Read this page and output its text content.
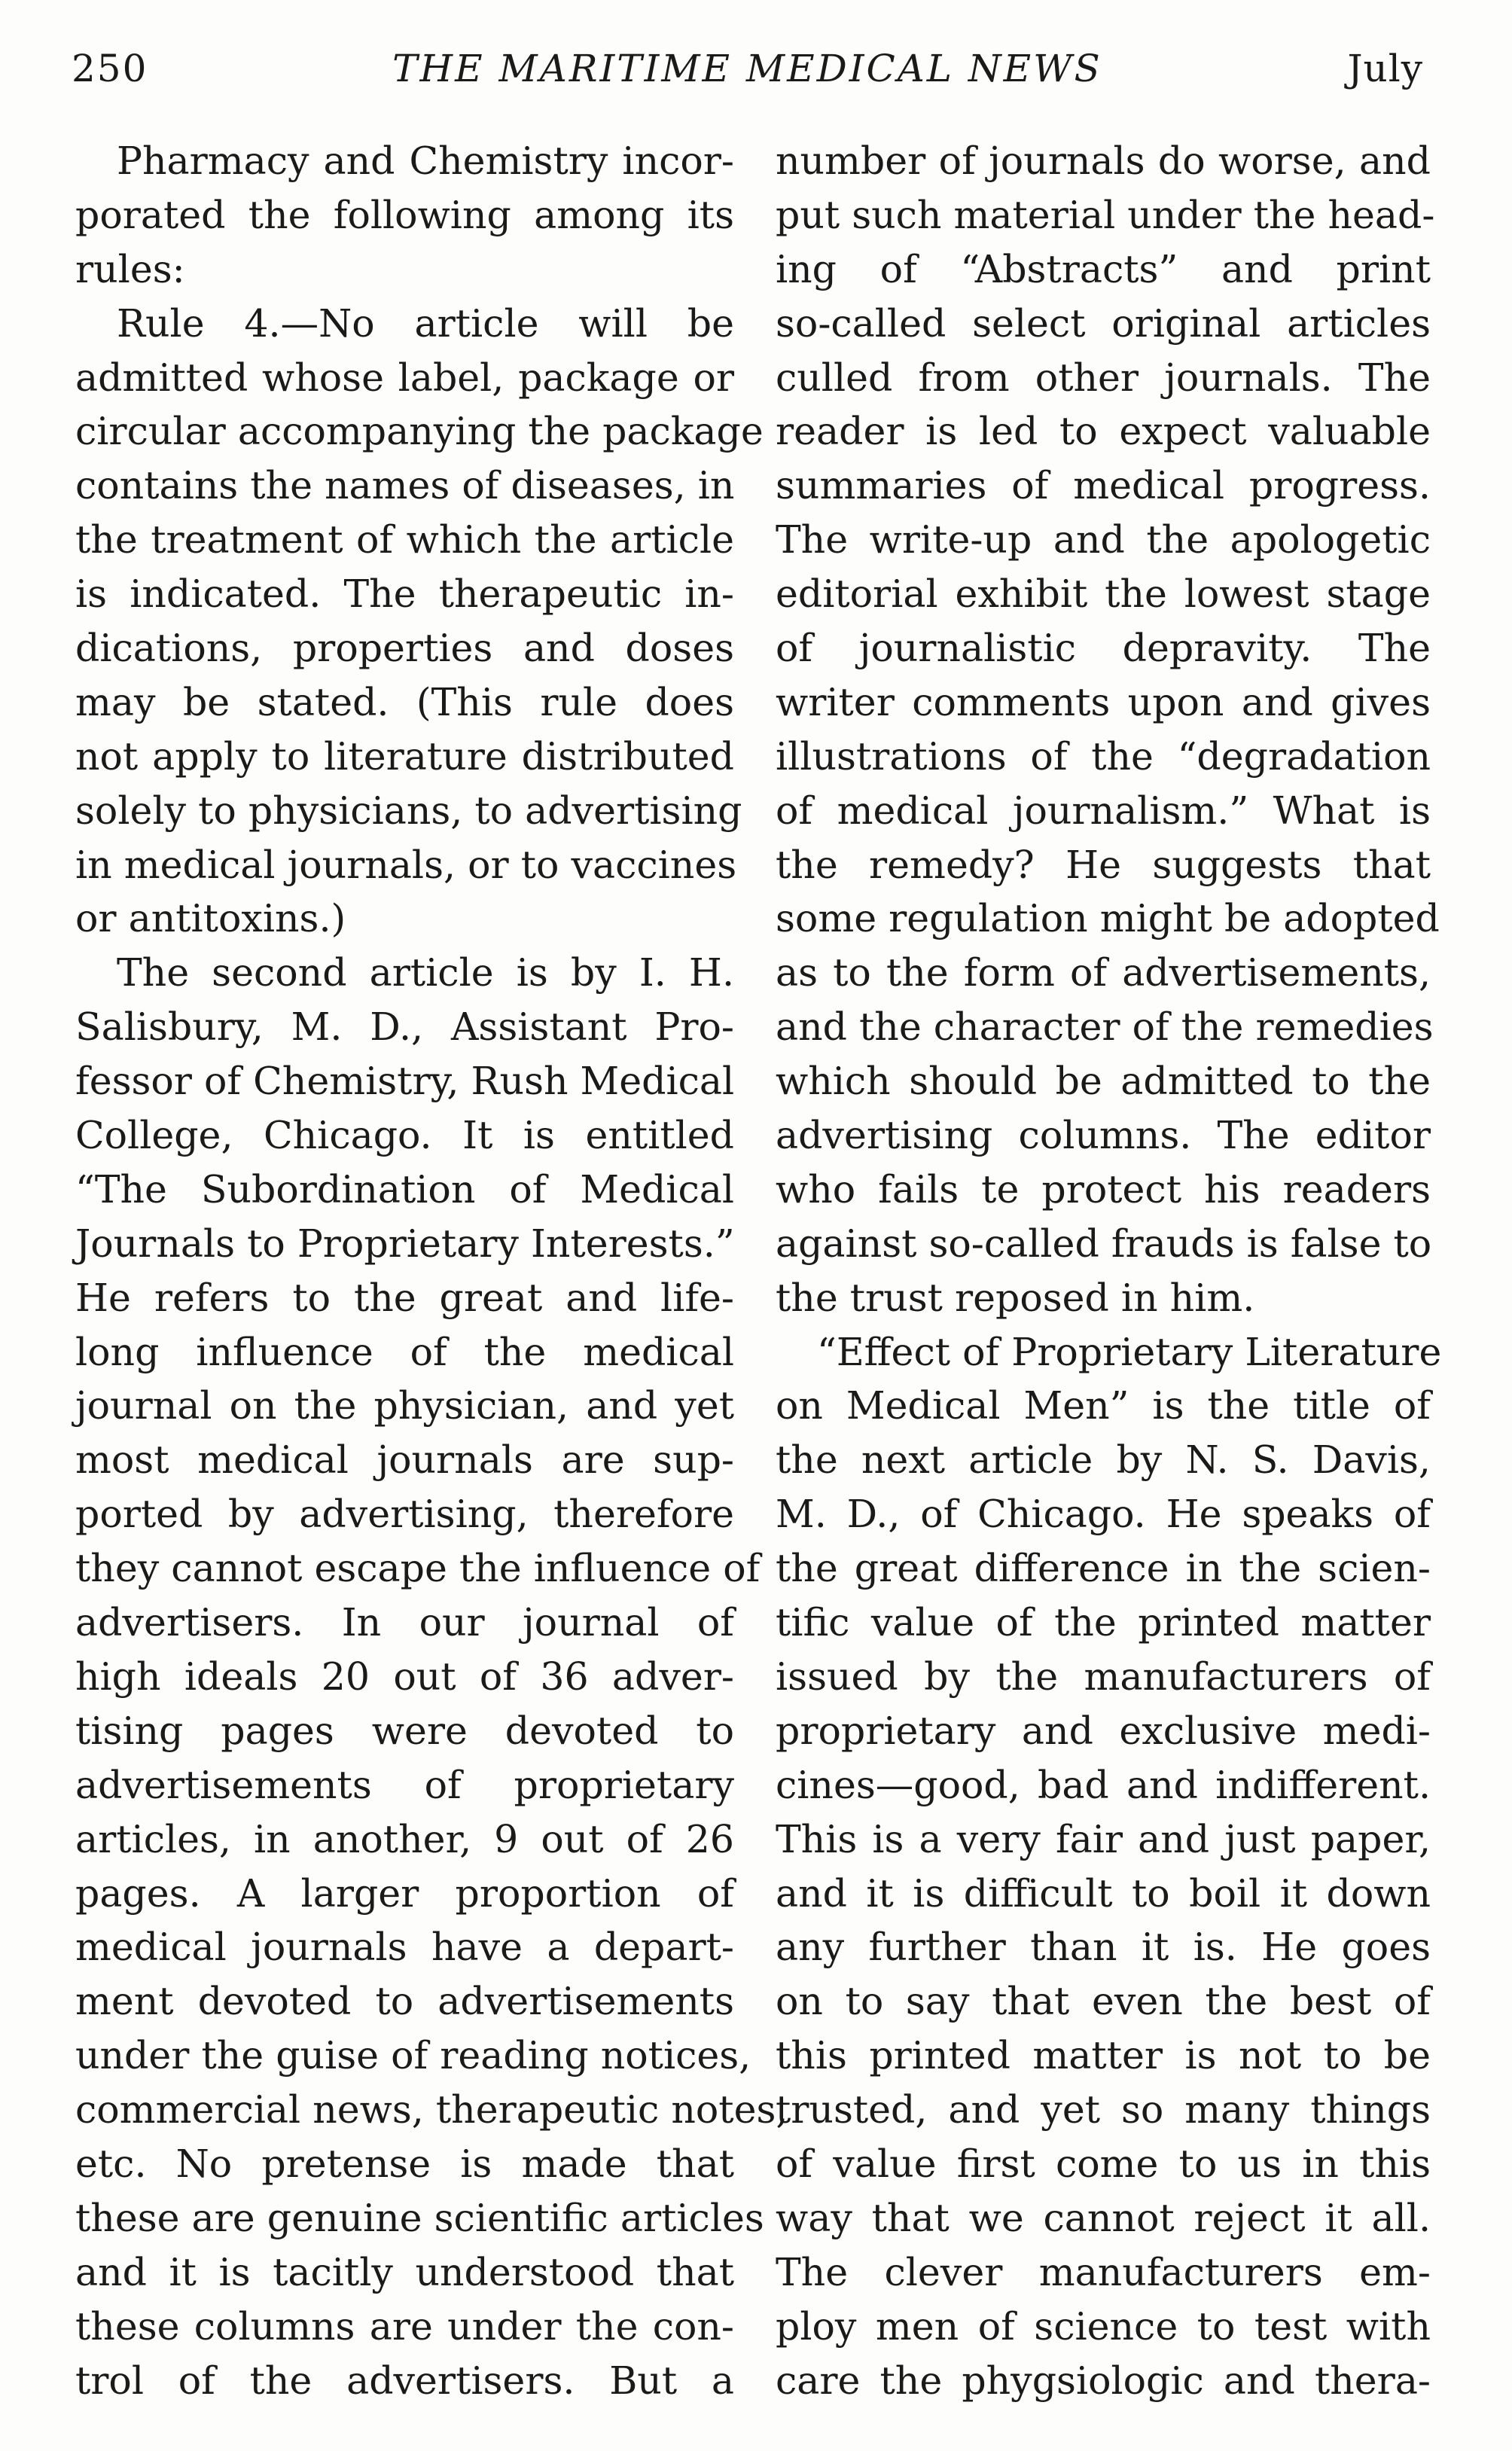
250	THE MARITIME MEDICAL NEWS	July

Pharmacy and Chemistry incor-
porated the following among its
rules:

Rule 4.—No article will be
admitted whose label, package or
circular accompanying the package
contains the names of diseases, in
the treatment of which the article
is indicated. The therapeutic in-
dications, properties and doses
may be stated. (This rule does
not apply to literature distributed
solely to physicians, to advertising
in medical journals, or to vaccines
or antitoxins.)

The second article is by I. H.
Salisbury, M. D., Assistant Pro-
fessor of Chemistry, Rush Medical
College, Chicago. It is entitled
“The Subordination of Medical
Journals to Proprietary Interests.”
He refers to the great and life-
long influence of the medical
journal on the physician, and yet
most medical journals are sup-
ported by advertising, therefore
they cannot escape the influence of
advertisers. In our journal of
high ideals 20 out of 36 adver-
tising pages were devoted to
advertisements of proprietary
articles, in another, 9 out of 26
pages. A larger proportion of
medical journals have a depart-
ment devoted to advertisements
under the guise of reading notices,
commercial news, therapeutic notes,
etc. No pretense is made that
these are genuine scientific articles
and it is tacitly understood that
these columns are under the con-
trol of the advertisers. But a

number of journals do worse, and
put such material under the head-
ing of “Abstracts” and print
so-called select original articles
culled from other journals. The
reader is led to expect valuable
summaries of medical progress.
The write-up and the apologetic
editorial exhibit the lowest stage
of journalistic depravity. The
writer comments upon and gives
illustrations of the “degradation
of medical journalism.” What is
the remedy? He suggests that
some regulation might be adopted
as to the form of advertisements,
and the character of the remedies
which should be admitted to the
advertising columns. The editor
who fails te protect his readers
against so-called frauds is false to
the trust reposed in him.

“Effect of Proprietary Literature
on Medical Men” is the title of
the next article by N. S. Davis,
M. D., of Chicago. He speaks of
the great difference in the scien-
tific value of the printed matter
issued by the manufacturers of
proprietary and exclusive medi-
cines—good, bad and indifferent.
This is a very fair and just paper,
and it is difficult to boil it down
any further than it is. He goes
on to say that even the best of
this printed matter is not to be
trusted, and yet so many things
of value first come to us in this
way that we cannot reject it all.
The clever manufacturers em-
ploy men of science to test with
care the phygsiologic and thera-
